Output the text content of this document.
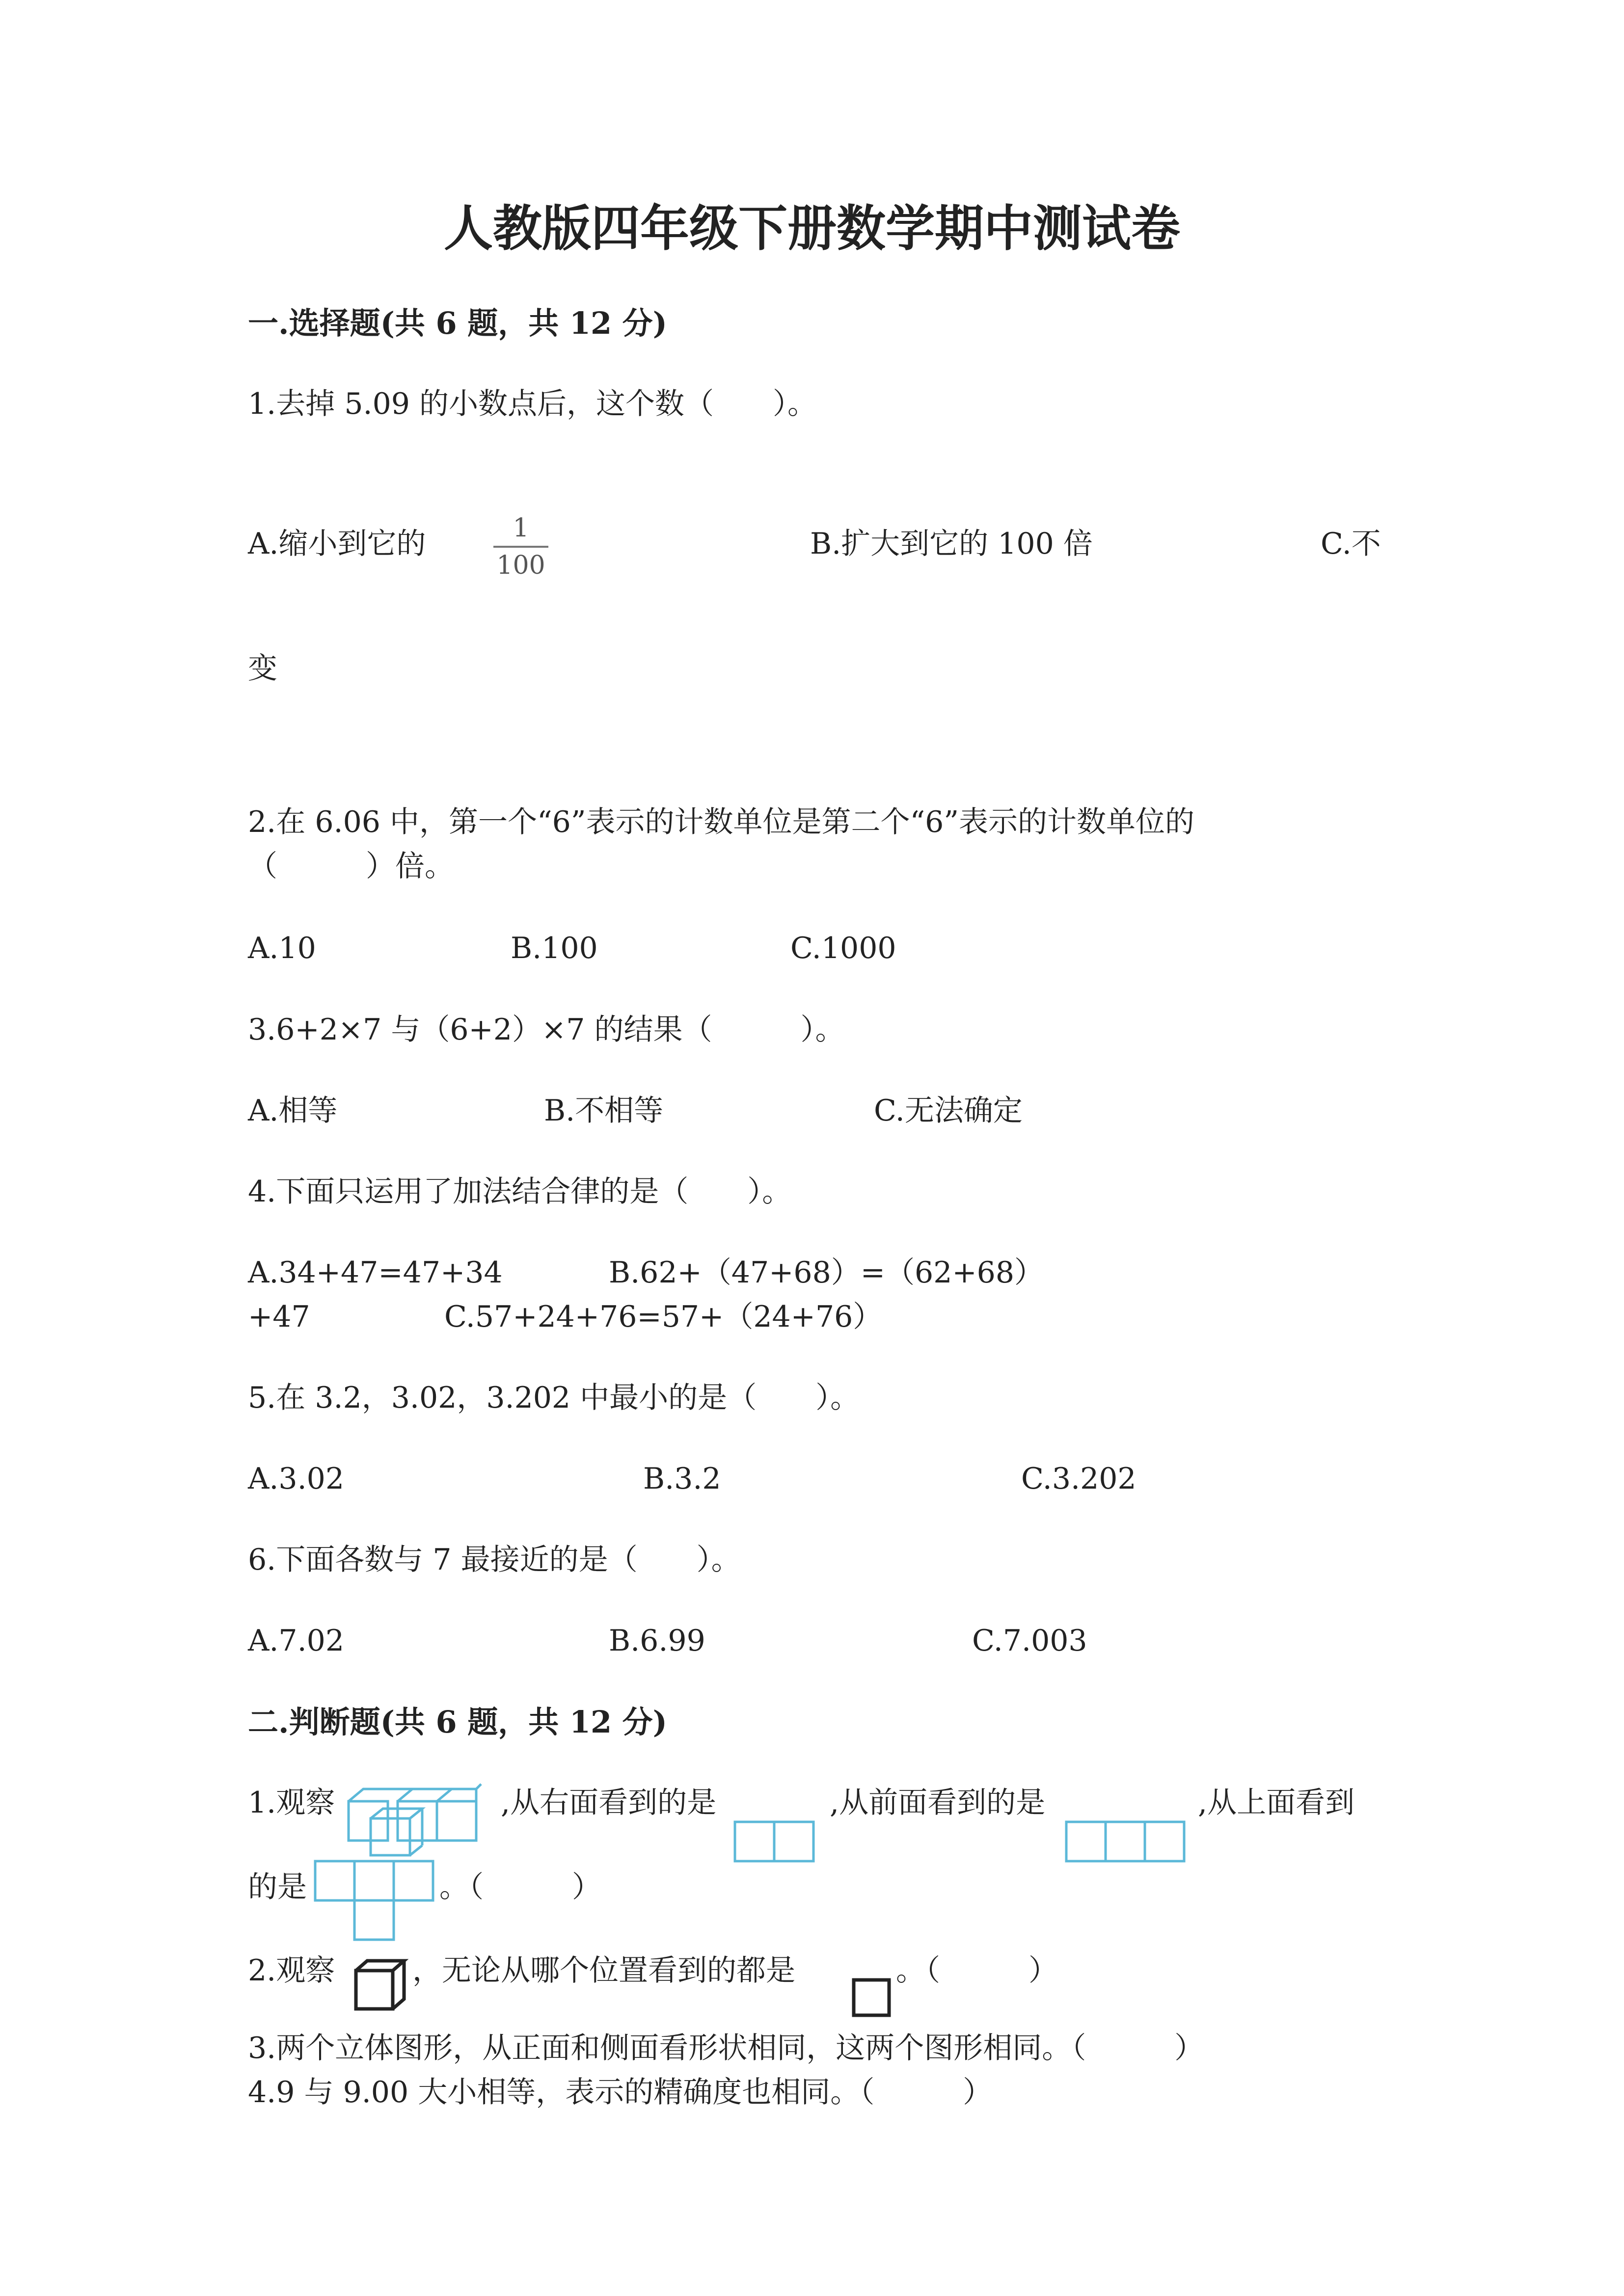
人教版四年级下册数学期中测试卷
一.选择题(共 6 题，共 12 分)
1.去掉 5.09 的小数点后，这个数（　　）。
A.缩小到它的	1
100
B.扩大到它的 100 倍	C.不
变
2.在 6.06 中，第一个“6”表示的计数单位是第二个“6”表示的计数单位的
（　　　）倍。
A.10	B.100	C.1000
3.6+2×7 与（6+2）×7 的结果（　　　）。
A.相等	B.不相等	C.无法确定
4.下面只运用了加法结合律的是（　　）。
A.34+47=47+34	B.62+（47+68）=（62+68）
+47	C.57+24+76=57+（24+76）
5.在 3.2，3.02，3.202 中最小的是（　　）。
A.3.02	B.3.2	C.3.202
6.下面各数与 7 最接近的是（　　）。
A.7.02	B.6.99	C.7.003
二.判断题(共 6 题，共 12 分)
1.观察	,从右面看到的是	,从前面看到的是	,从上面看到
的是	。（　　　）
2.观察	，无论从哪个位置看到的都是	。（　　　）
3.两个立体图形，从正面和侧面看形状相同，这两个图形相同。（　　　）
4.9 与 9.00 大小相等，表示的精确度也相同。（　　　）
